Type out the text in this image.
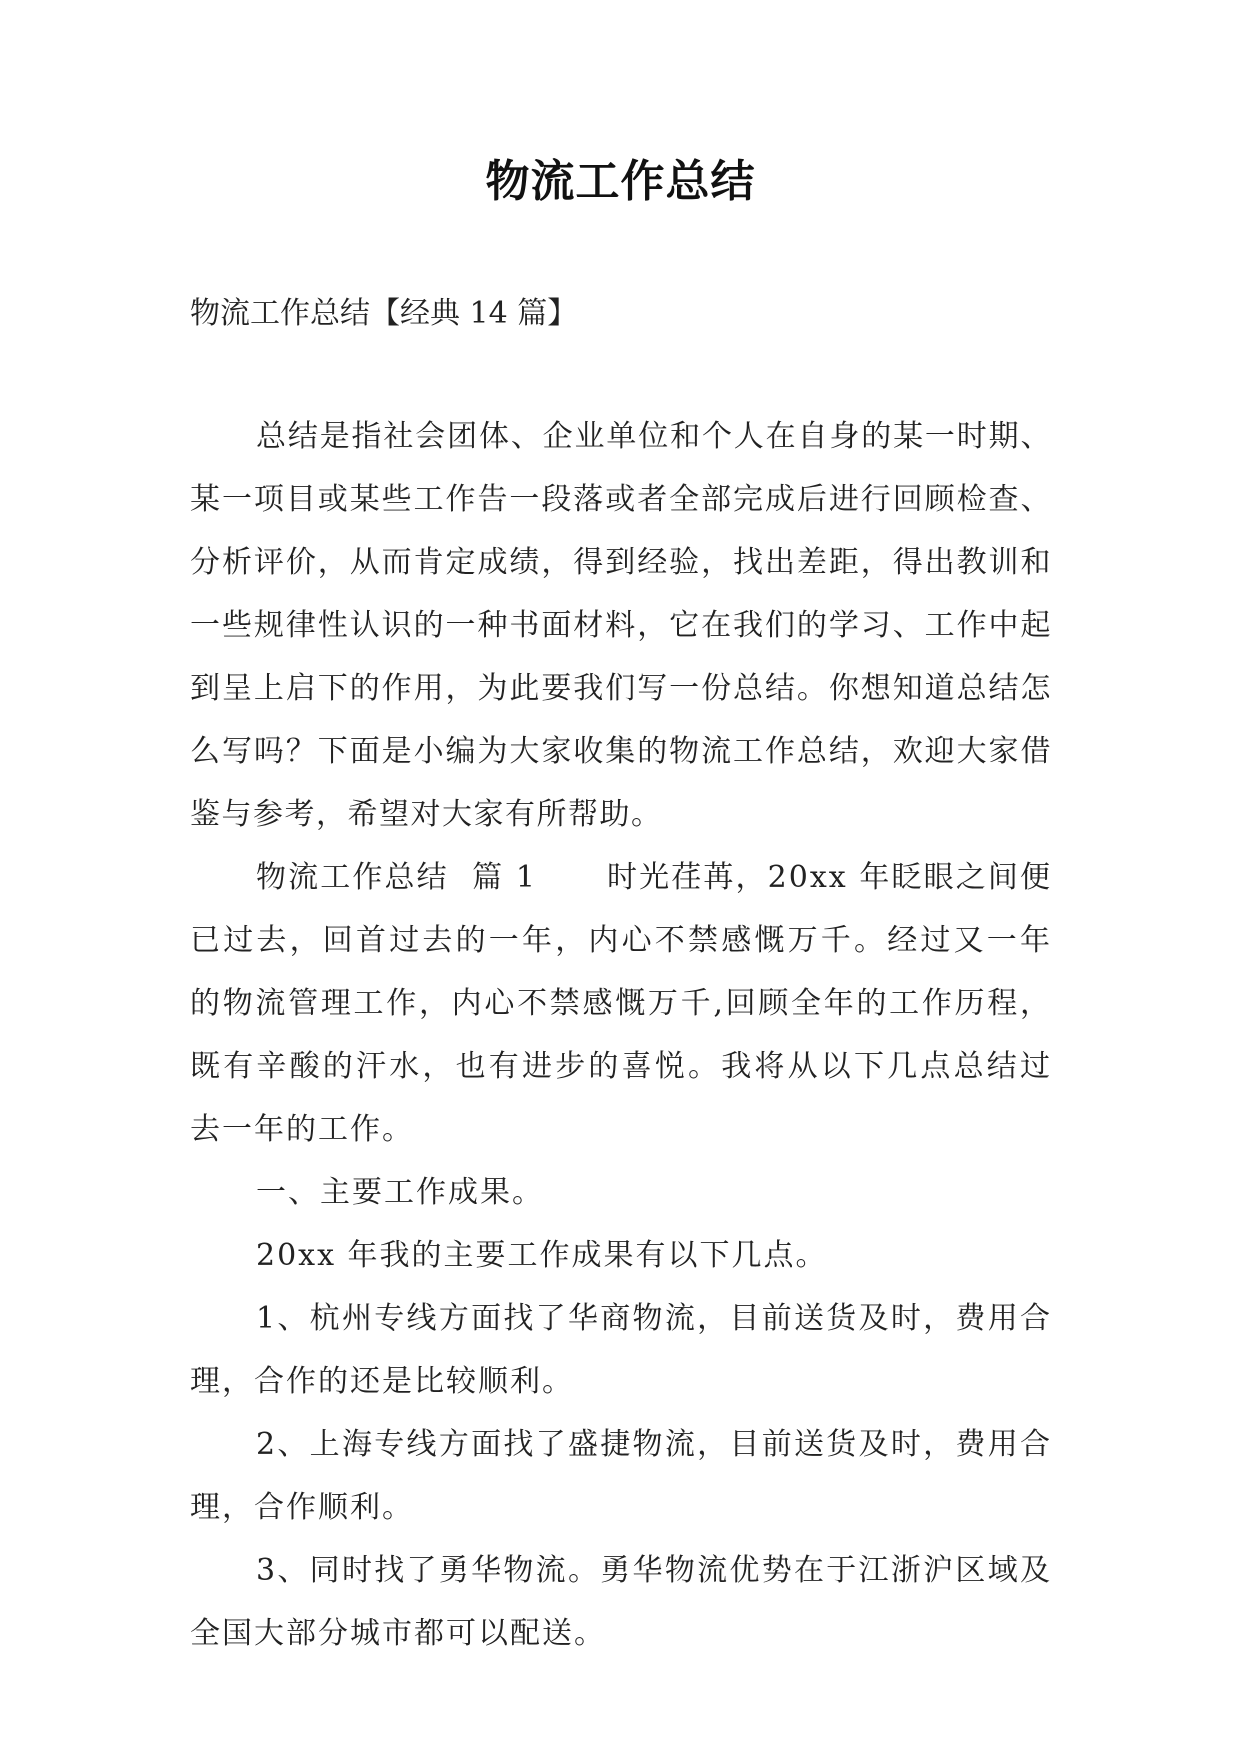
物流工作总结

物流工作总结【经典 14 篇】

总结是指社会团体、企业单位和个人在自身的某一时期、某一项目或某些工作告一段落或者全部完成后进行回顾检查、分析评价，从而肯定成绩，得到经验，找出差距，得出教训和一些规律性认识的一种书面材料，它在我们的学习、工作中起到呈上启下的作用，为此要我们写一份总结。你想知道总结怎么写吗？下面是小编为大家收集的物流工作总结，欢迎大家借鉴与参考，希望对大家有所帮助。

物流工作总结  篇 1      时光荏苒，20xx 年眨眼之间便已过去，回首过去的一年，内心不禁感慨万千。经过又一年的物流管理工作，内心不禁感慨万千,回顾全年的工作历程，既有辛酸的汗水，也有进步的喜悦。我将从以下几点总结过去一年的工作。

一、主要工作成果。

20xx 年我的主要工作成果有以下几点。

1、杭州专线方面找了华商物流，目前送货及时，费用合理，合作的还是比较顺利。

2、上海专线方面找了盛捷物流，目前送货及时，费用合理，合作顺利。

3、同时找了勇华物流。勇华物流优势在于江浙沪区域及全国大部分城市都可以配送。
